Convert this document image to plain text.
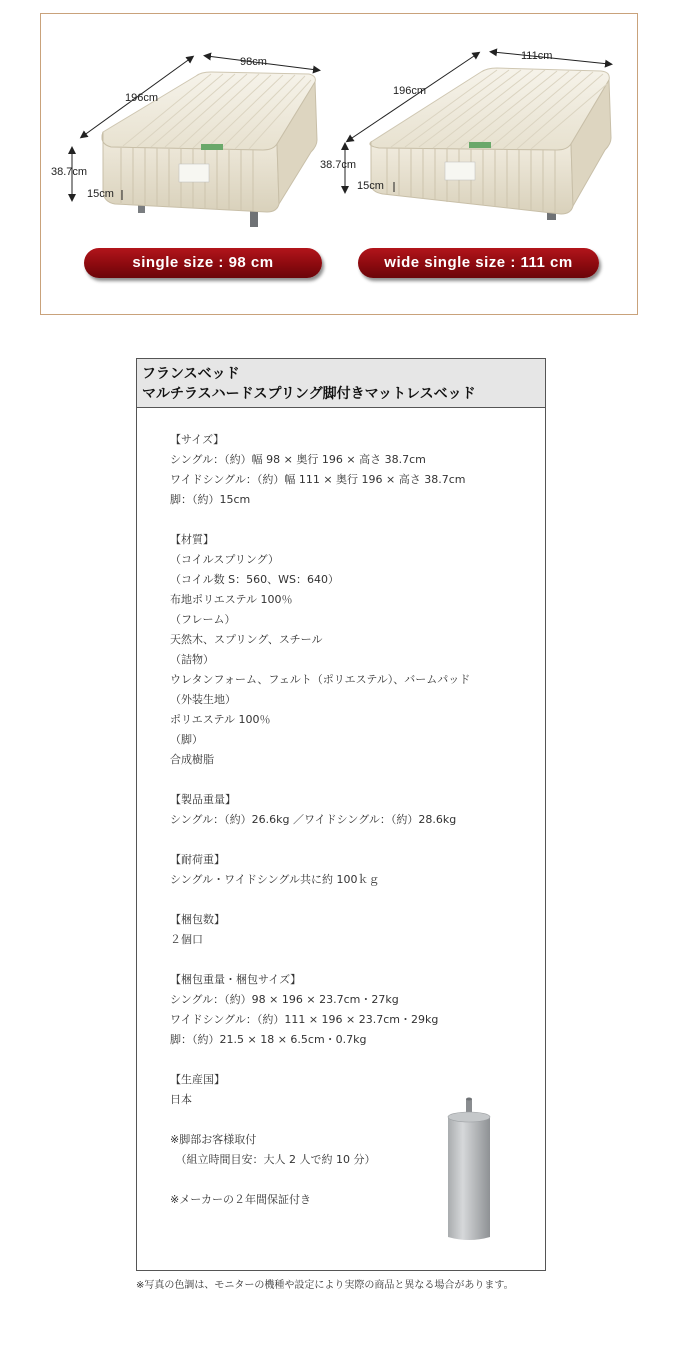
98cm
196cm
38.7cm
15cm
111cm
196cm
38.7cm
15cm
single size : 98 cm	wide single size : 111 cm
フランスベッド
マルチラスハードスプリング脚付きマットレスベッド
【サイズ】
シングル：（約）幅 98 × 奥行 196 × 高さ 38.7cm
ワイドシングル：（約）幅 111 × 奥行 196 × 高さ 38.7cm
脚：（約）15cm
【材質】
（コイルスプリング）
（コイル数 S：560、WS：640）
布地ポリエステル 100％
（フレーム）
天然木、スプリング、スチール
（詰物）
ウレタンフォーム、フェルト（ポリエステル）、バームパッド
（外装生地）
ポリエステル 100％
（脚）
合成樹脂
【製品重量】
シングル：（約）26.6kg ／ワイドシングル：（約）28.6kg
【耐荷重】
シングル・ワイドシングル共に約 100ｋｇ
【梱包数】
２個口
【梱包重量・梱包サイズ】
シングル：（約）98 × 196 × 23.7cm・27kg
ワイドシングル：（約）111 × 196 × 23.7cm・29kg
脚：（約）21.5 × 18 × 6.5cm・0.7kg
【生産国】
日本
※脚部お客様取付
　（組立時間目安：大人 2 人で約 10 分）
※メーカーの２年間保証付き
※写真の色調は、モニターの機種や設定により実際の商品と異なる場合があります。
